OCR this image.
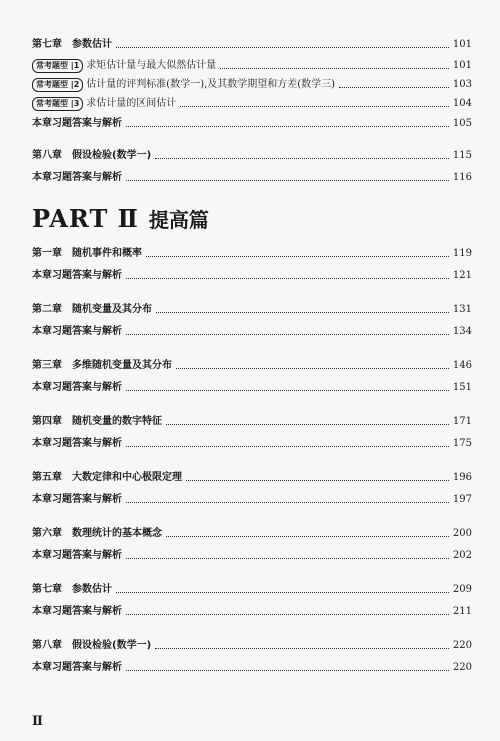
第七章　参数估计	101
常考题型 | 1 求矩估计量与最大似然估计量	101
常考题型 | 2 估计量的评判标准(数学一),及其数学期望和方差(数学三)	103
常考题型 | 3 求估计量的区间估计	104
本章习题答案与解析	105
第八章　假设检验(数学一)	115
本章习题答案与解析	116
PART Ⅱ 提高篇
第一章　随机事件和概率	119
本章习题答案与解析	121
第二章　随机变量及其分布	131
本章习题答案与解析	134
第三章　多维随机变量及其分布	146
本章习题答案与解析	151
第四章　随机变量的数字特征	171
本章习题答案与解析	175
第五章　大数定律和中心极限定理	196
本章习题答案与解析	197
第六章　数理统计的基本概念	200
本章习题答案与解析	202
第七章　参数估计	209
本章习题答案与解析	211
第八章　假设检验(数学一)	220
本章习题答案与解析	220
Ⅱ
